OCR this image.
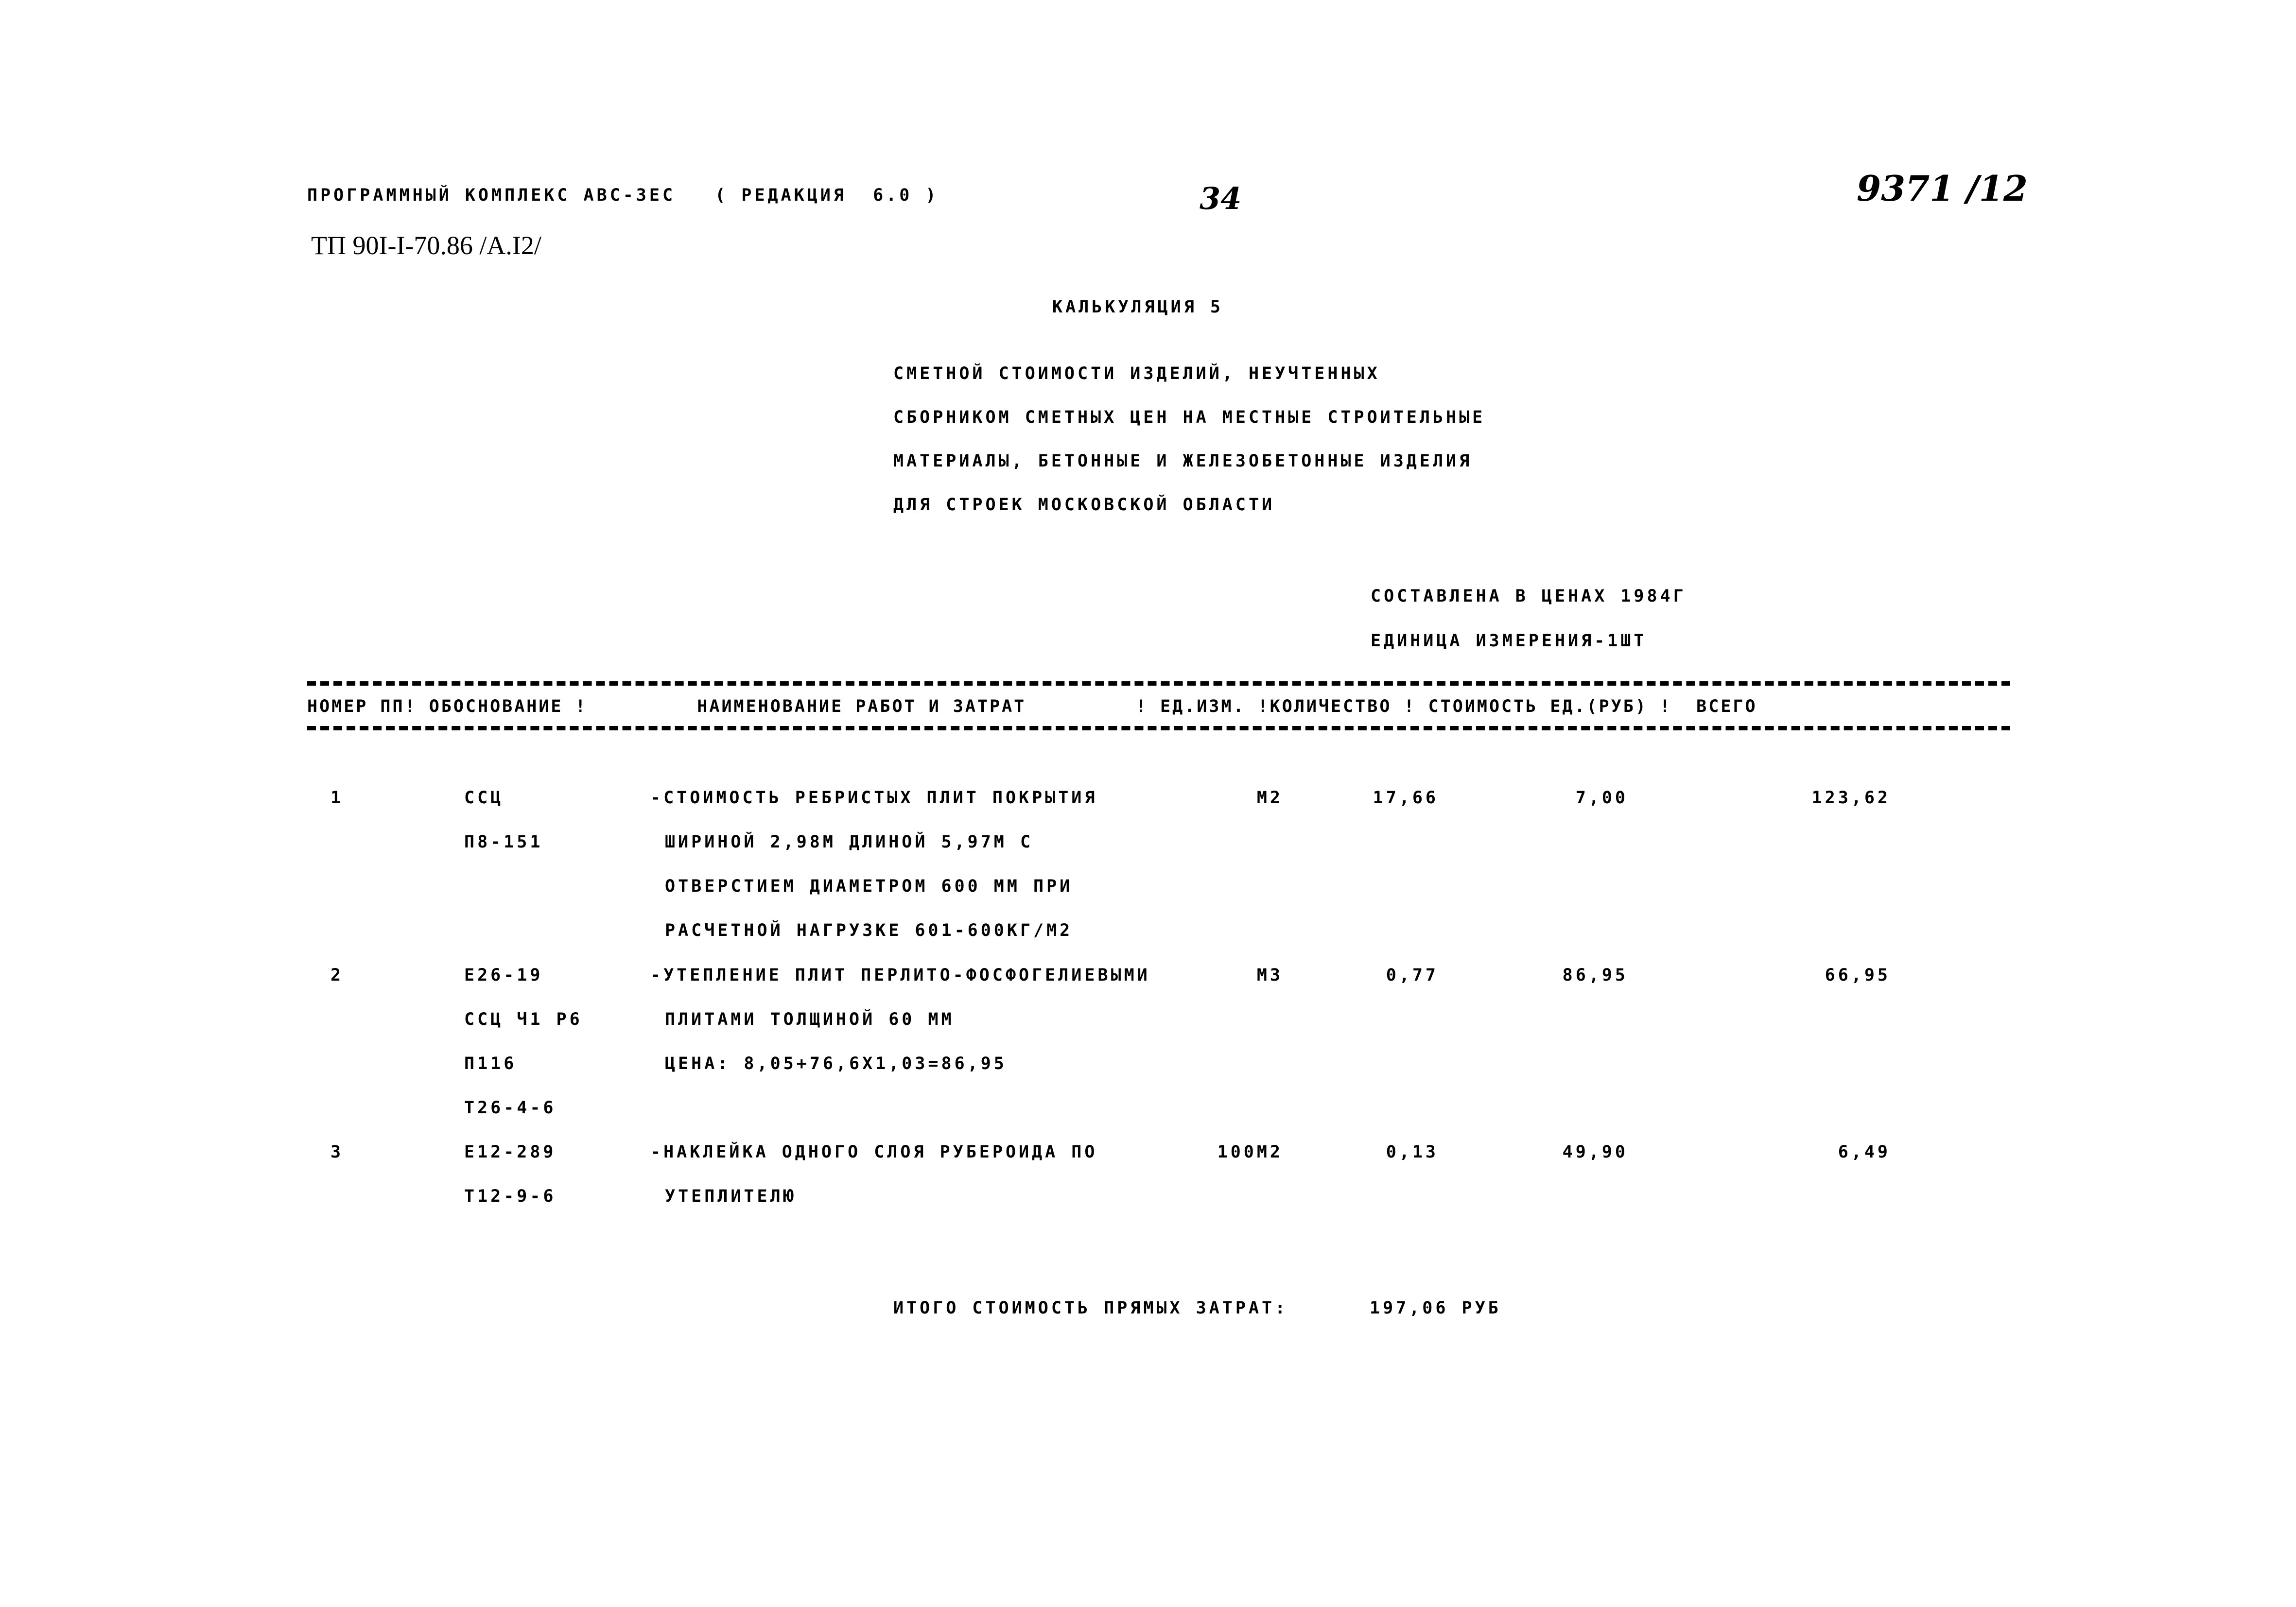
ПРОГРАММНЫЙ КОМПЛЕКС АВС-ЗЕС   ( РЕДАКЦИЯ  6.0 )
ТП 90I-I-70.86 /А.I2/
34	9371 /12
КАЛЬКУЛЯЦИЯ 5
СМЕТНОЙ СТОИМОСТИ ИЗДЕЛИЙ, НЕУЧТЕННЫХ
СБОРНИКОМ СМЕТНЫХ ЦЕН НА МЕСТНЫЕ СТРОИТЕЛЬНЫЕ
МАТЕРИАЛЫ, БЕТОННЫЕ И ЖЕЛЕЗОБЕТОННЫЕ ИЗДЕЛИЯ
ДЛЯ СТРОЕК МОСКОВСКОЙ ОБЛАСТИ
СОСТАВЛЕНА В ЦЕНАХ 1984Г
ЕДИНИЦА ИЗМЕРЕНИЯ-1ШТ
НОМЕР ПП! ОБОСНОВАНИЕ !         НАИМЕНОВАНИЕ РАБОТ И ЗАТРАТ         ! ЕД.ИЗМ. !КОЛИЧЕСТВО ! СТОИМОСТЬ ЕД.(РУБ) !  ВСЕГО
1	ССЦ
П8-151
-СТОИМОСТЬ РЕБРИСТЫХ ПЛИТ ПОКРЫТИЯ
ШИРИНОЙ 2,98М ДЛИНОЙ 5,97М С
ОТВЕРСТИЕМ ДИАМЕТРОМ 600 ММ ПРИ
РАСЧЕТНОЙ НАГРУЗКЕ 601-600КГ/М2
М2	17,66	7,00	123,62
2	Е26-19
ССЦ Ч1 Р6
П116
Т26-4-6
-УТЕПЛЕНИЕ ПЛИТ ПЕРЛИТО-ФОСФОГЕЛИЕВЫМИ
ПЛИТАМИ ТОЛЩИНОЙ 60 ММ
ЦЕНА: 8,05+76,6Х1,03=86,95
М3	0,77	86,95	66,95
3	Е12-289
Т12-9-6
-НАКЛЕЙКА ОДНОГО СЛОЯ РУБЕРОИДА ПО
УТЕПЛИТЕЛЮ
100М2	0,13	49,90	6,49
ИТОГО СТОИМОСТЬ ПРЯМЫХ ЗАТРАТ:	197,06 РУБ
